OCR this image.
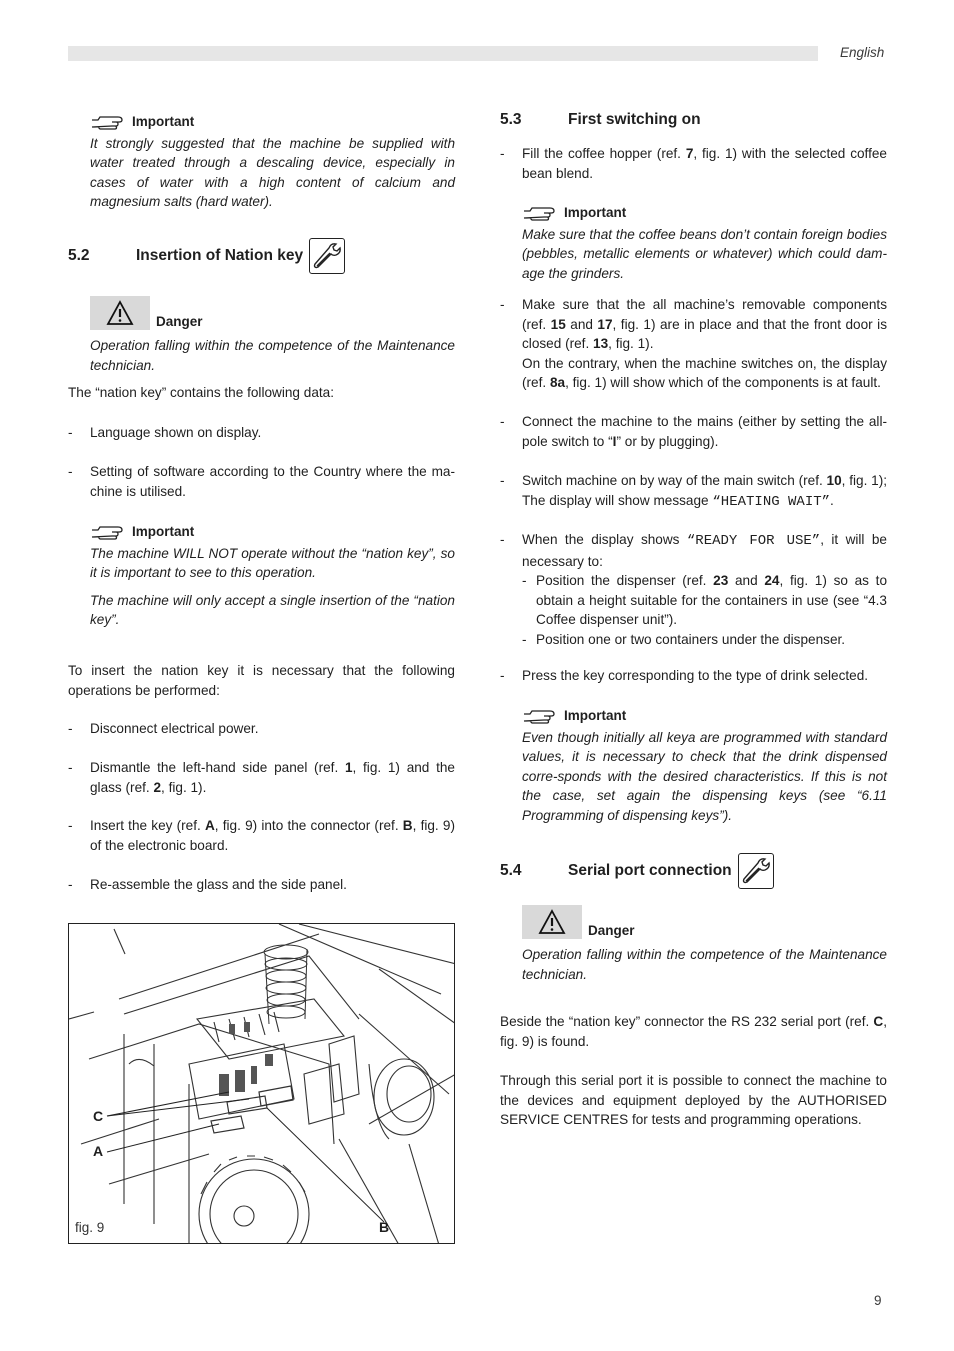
English
Important
It strongly suggested that the machine be supplied with water treated through a descaling device, especially in cases of water with a high content of calcium and magnesium salts (hard water).
5.2	Insertion of Nation key
Danger
Operation falling within the competence of the Maintenance technician.
The “nation key” contains the following data:
-	Language shown on display.
-	Setting of software according to the Country where the ma-chine is utilised.
Important
The machine WILL NOT operate without the “nation key”, so it is important to see to this operation.
The machine will only accept a single insertion of the “nation key”.
To insert the nation key it is necessary that the following operations be performed:
-	Disconnect electrical power.
-	Dismantle the left-hand side panel (ref. 1, fig. 1) and the glass (ref. 2, fig. 1).
-	Insert the key (ref. A, fig. 9) into the connector (ref. B, fig. 9) of the electronic board.
-	Re-assemble the glass and the side panel.
C
A
B
fig. 9
5.3	First switching on
-	Fill the coffee hopper (ref. 7, fig. 1) with the selected coffee bean blend.
Important
Make sure that the coffee beans don’t contain foreign bodies (pebbles, metallic elements or whatever) which could dam-age the grinders.
-	Make sure that the all machine’s removable components (ref. 15 and 17, fig. 1) are in place and that the front door is closed (ref. 13, fig. 1).
On the contrary, when the machine switches on, the display (ref. 8a, fig. 1) will show which of the components is at fault.
-	Connect the machine to the mains (either by setting the all-pole switch to “I” or by plugging).
-	Switch machine on by way of the main switch (ref. 10, fig. 1); The display will show message “HEATING WAIT”.
-	When the display shows “READY FOR USE”, it will be necessary to:
- Position the dispenser (ref. 23 and 24, fig. 1) so as to obtain a height suitable for the containers in use (see “4.3 Coffee dispenser unit”).
- Position one or two containers under the dispenser.
-	Press the key corresponding to the type of drink selected.
Important
Even though initially all keya are programmed with standard values, it is necessary to check that the drink dispensed corre-sponds with the desired characteristics. If this is not the case, set again the dispensing keys (see “6.11 Programming of dispensing keys”).
5.4	Serial port connection
Danger
Operation falling within the competence of the Maintenance technician.
Beside the “nation key” connector the RS 232 serial port (ref. C, fig. 9) is found.
Through this serial port it is possible to connect the machine to the devices and equipment deployed by the AUTHORISED SERVICE CENTRES for tests and programming operations.
9
